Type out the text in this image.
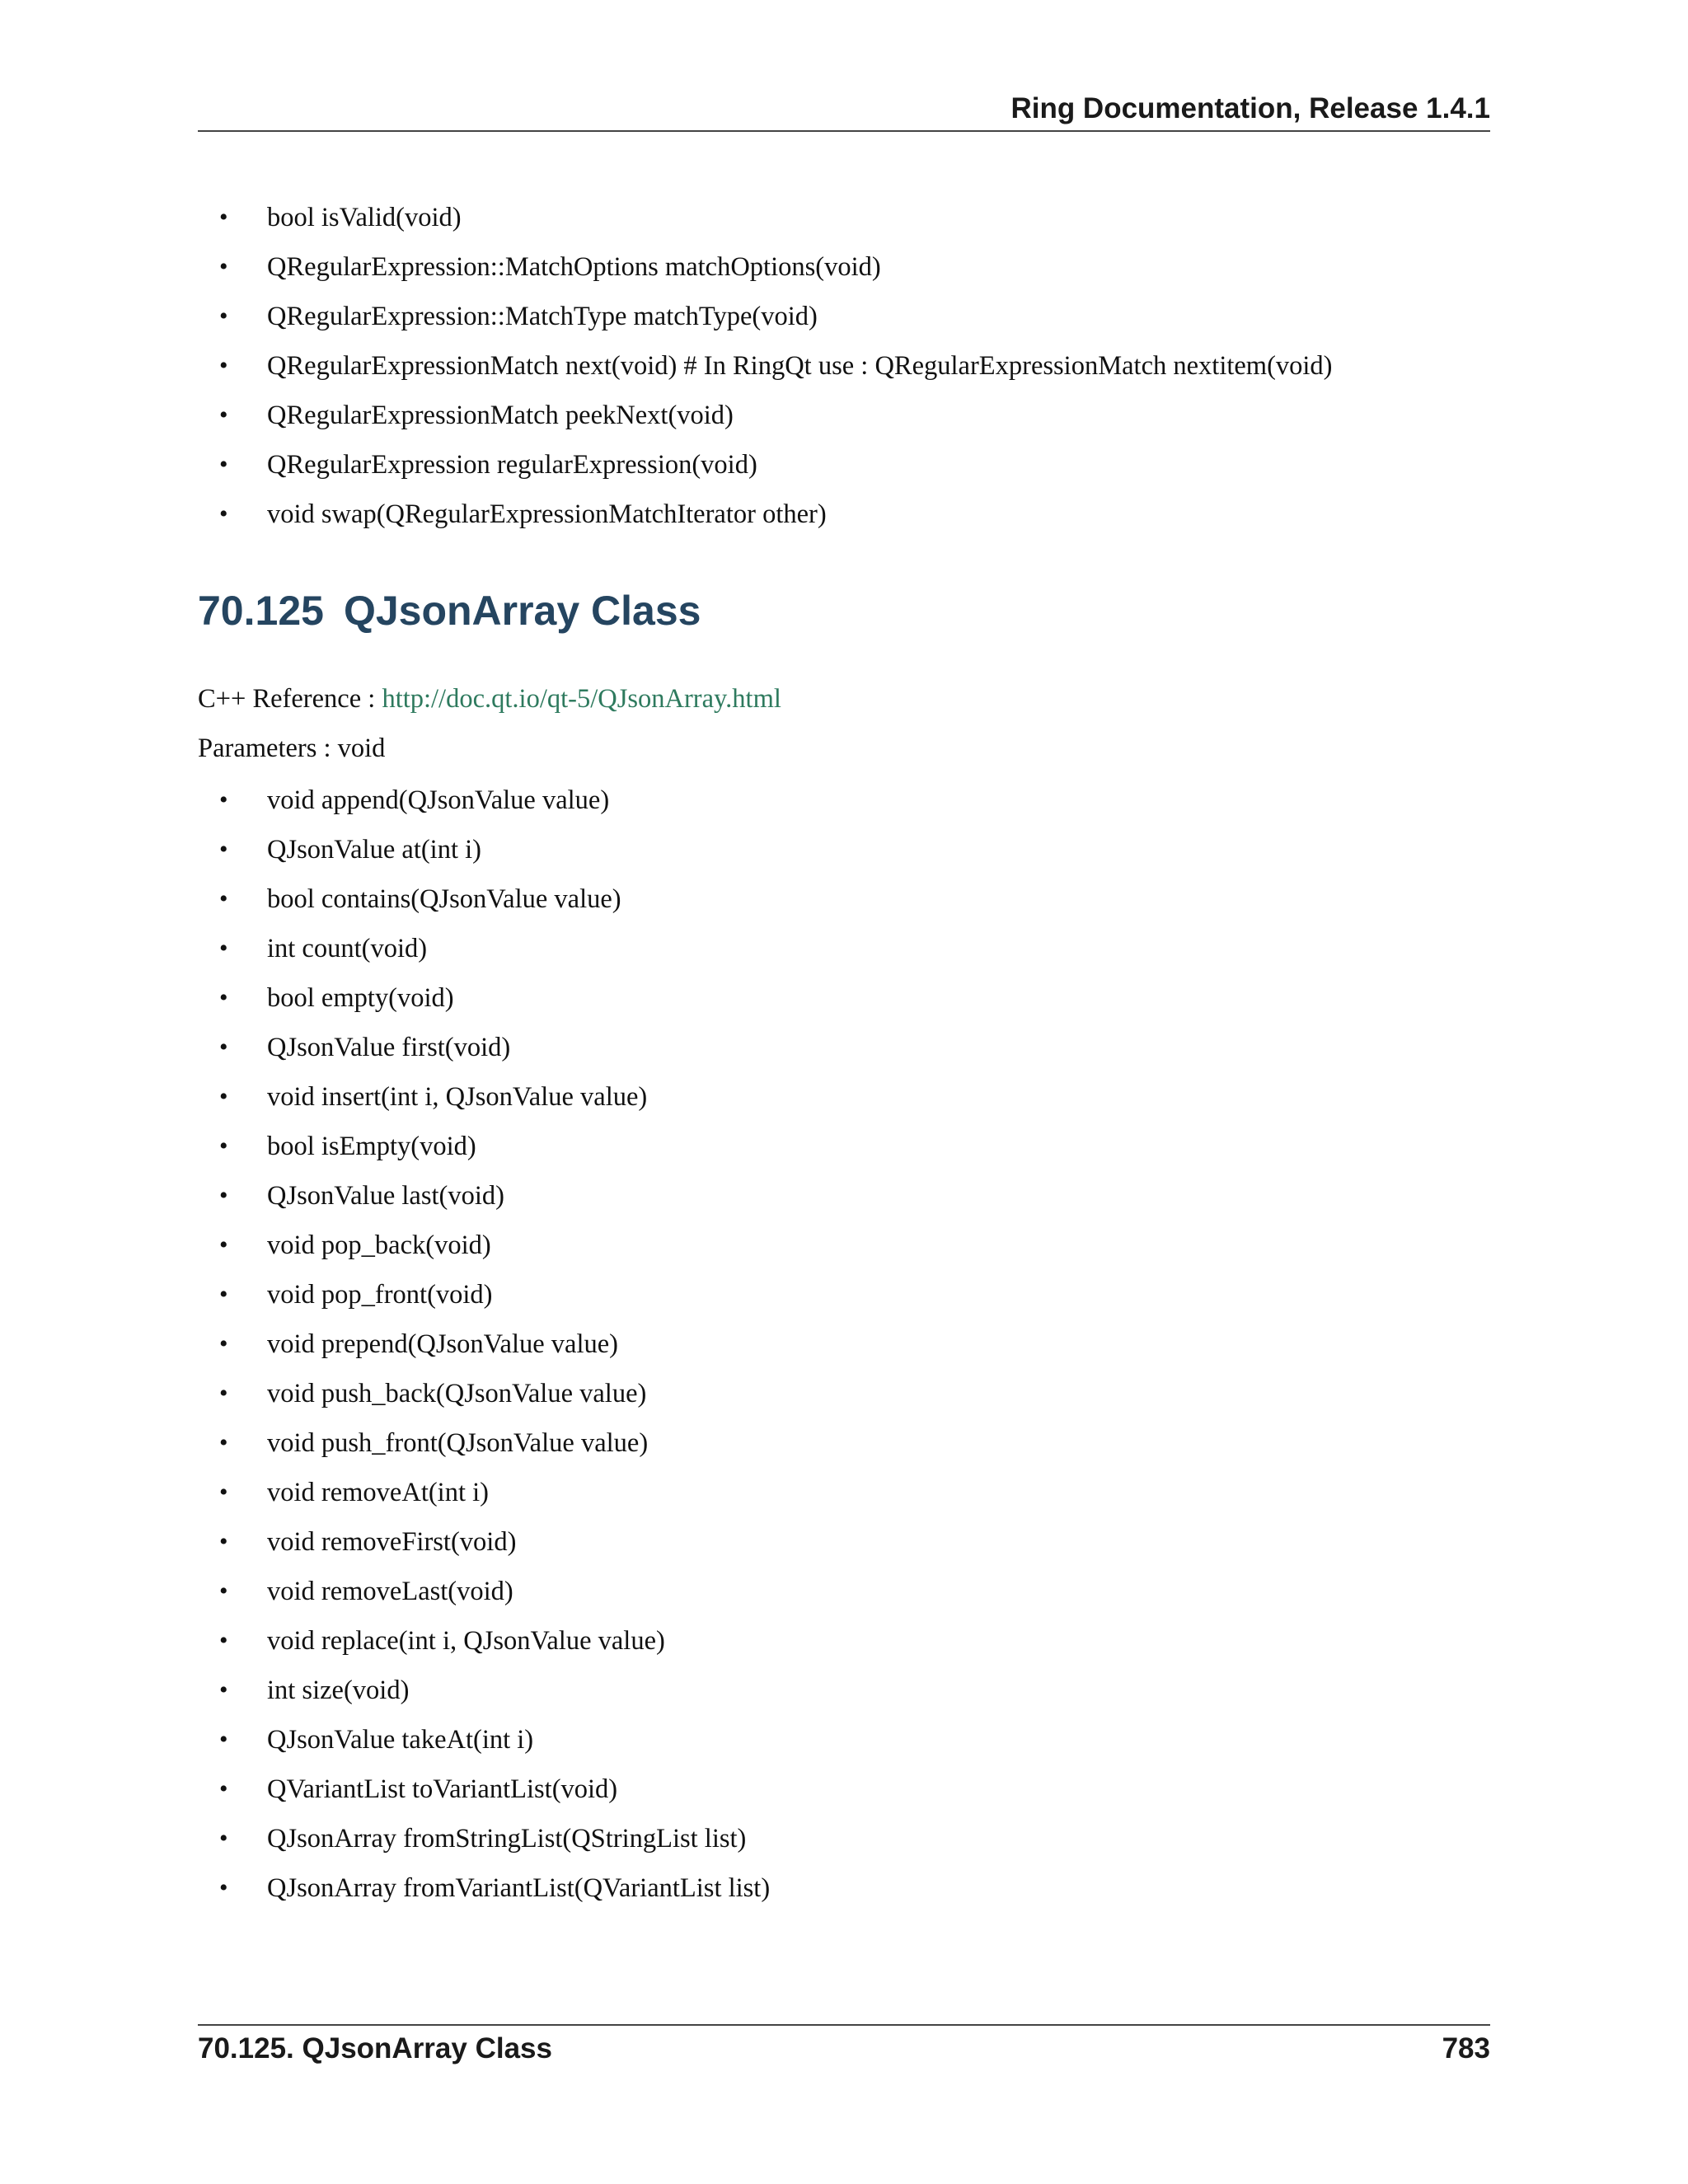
Ring Documentation, Release 1.4.1
• bool isValid(void)
• QRegularExpression::MatchOptions matchOptions(void)
• QRegularExpression::MatchType matchType(void)
• QRegularExpressionMatch next(void) # In RingQt use : QRegularExpressionMatch nextitem(void)
• QRegularExpressionMatch peekNext(void)
• QRegularExpression regularExpression(void)
• void swap(QRegularExpressionMatchIterator other)
70.125 QJsonArray Class
C++ Reference : http://doc.qt.io/qt-5/QJsonArray.html
Parameters : void
• void append(QJsonValue value)
• QJsonValue at(int i)
• bool contains(QJsonValue value)
• int count(void)
• bool empty(void)
• QJsonValue first(void)
• void insert(int i, QJsonValue value)
• bool isEmpty(void)
• QJsonValue last(void)
• void pop_back(void)
• void pop_front(void)
• void prepend(QJsonValue value)
• void push_back(QJsonValue value)
• void push_front(QJsonValue value)
• void removeAt(int i)
• void removeFirst(void)
• void removeLast(void)
• void replace(int i, QJsonValue value)
• int size(void)
• QJsonValue takeAt(int i)
• QVariantList toVariantList(void)
• QJsonArray fromStringList(QStringList list)
• QJsonArray fromVariantList(QVariantList list)
70.125. QJsonArray Class	783
